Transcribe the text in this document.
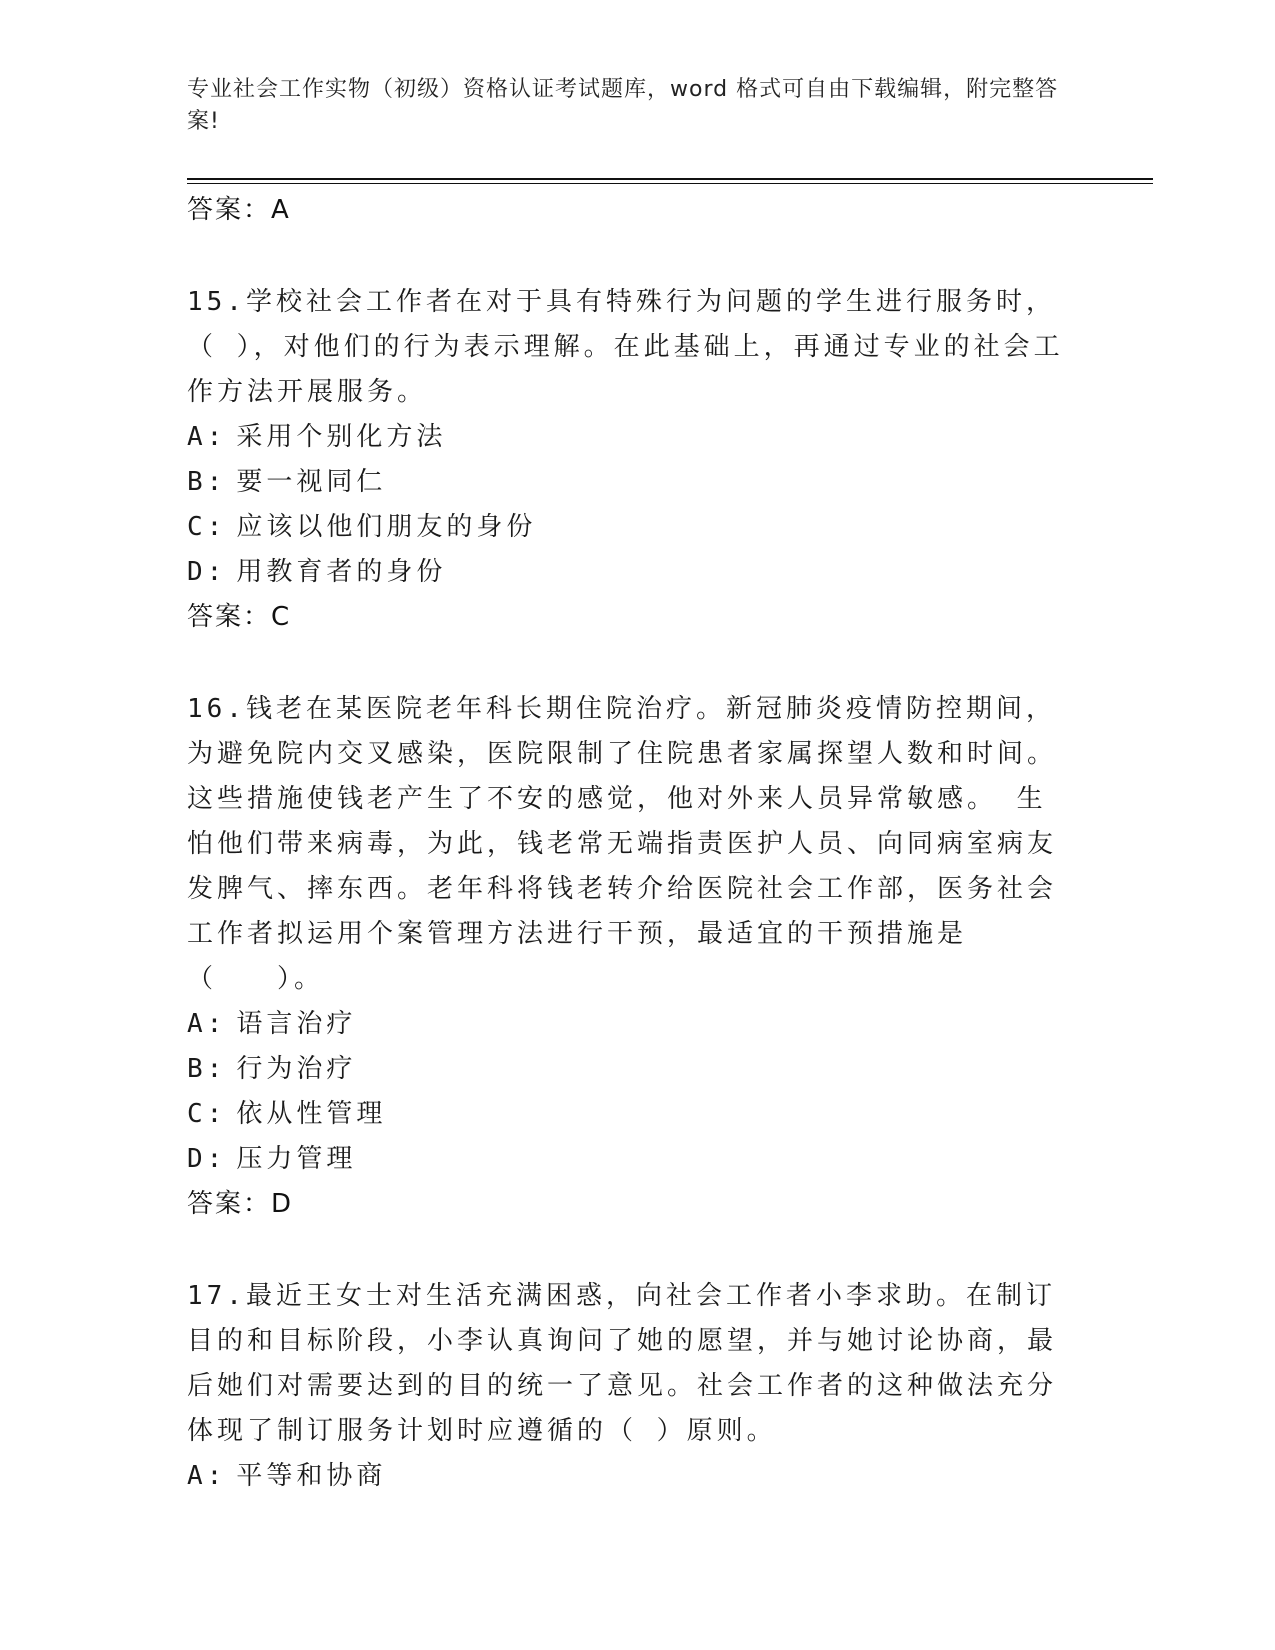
专业社会工作实物（初级）资格认证考试题库，word 格式可自由下载编辑，附完整答案!
答案：A
15.学校社会工作者在对于具有特殊行为问题的学生进行服务时，（ ），对他们的行为表示理解。在此基础上，再通过专业的社会工作方法开展服务。
A: 采用个别化方法
B: 要一视同仁
C: 应该以他们朋友的身份
D: 用教育者的身份
答案：C
16.钱老在某医院老年科长期住院治疗。新冠肺炎疫情防控期间，为避免院内交叉感染，医院限制了住院患者家属探望人数和时间。这些措施使钱老产生了不安的感觉，他对外来人员异常敏感。 生怕他们带来病毒，为此，钱老常无端指责医护人员、向同病室病友发脾气、摔东西。老年科将钱老转介给医院社会工作部，医务社会工作者拟运用个案管理方法进行干预，最适宜的干预措施是（　　）。
A: 语言治疗
B: 行为治疗
C: 依从性管理
D: 压力管理
答案：D
17.最近王女士对生活充满困惑，向社会工作者小李求助。在制订目的和目标阶段，小李认真询问了她的愿望，并与她讨论协商，最后她们对需要达到的目的统一了意见。社会工作者的这种做法充分体现了制订服务计划时应遵循的（ ）原则。
A: 平等和协商
